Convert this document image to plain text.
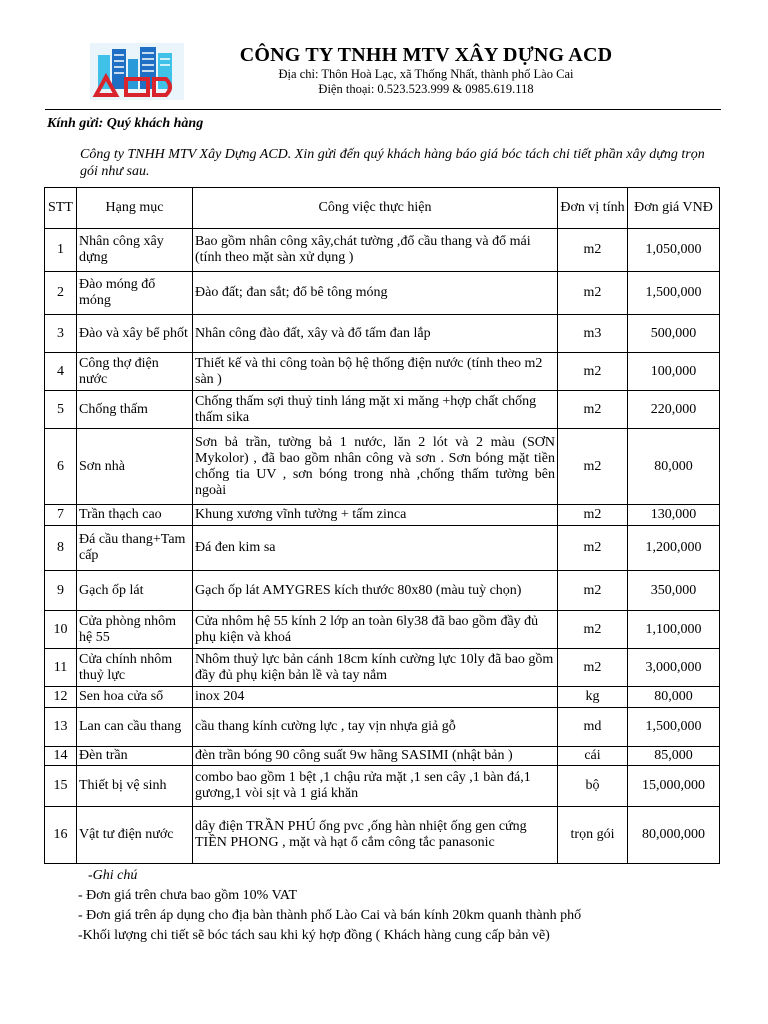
CÔNG TY TNHH MTV XÂY DỰNG ACD
Địa chỉ: Thôn Hoà Lạc, xã Thống Nhất, thành phố Lào Cai
Điện thoại: 0.523.523.999 & 0985.619.118
Kính gửi: Quý khách hàng
Công ty TNHH MTV Xây Dựng ACD. Xin gửi đến quý khách hàng báo giá bóc tách chi tiết phần xây dựng trọn gói như sau.
STT	Hạng mục	Công việc thực hiện	Đơn vị tính	Đơn giá VNĐ
1	Nhân công xây dựng	Bao gồm nhân công xây,chát tường ,đổ cầu thang và đổ mái (tính theo mặt sàn xử dụng )	m2	1,050,000
2	Đào móng đổ móng	Đào đất; đan sắt; đổ bê tông móng	m2	1,500,000
3	Đào và xây bể phốt	Nhân công đào đất, xây và đổ tấm đan lắp	m3	500,000
4	Công thợ điện nước	Thiết kế và thi công toàn bộ hệ thống điện nước (tính theo m2 sàn )	m2	100,000
5	Chống thấm	Chống thấm sợi thuỷ tinh láng mặt xi măng +hợp chất chống thấm sika	m2	220,000
6	Sơn nhà	Sơn bả trần, tường bả 1 nước, lăn 2 lót và 2 màu (SƠN Mykolor) , đã bao gồm nhân công và sơn . Sơn bóng mặt tiền chống tia UV , sơn bóng trong nhà ,chống thấm tường bên ngoài	m2	80,000
7	Trần thạch cao	Khung xương vĩnh tường + tấm zinca	m2	130,000
8	Đá cầu thang+Tam cấp	Đá đen kim sa	m2	1,200,000
9	Gạch ốp lát	Gạch ốp lát AMYGRES kích thước 80x80 (màu tuỳ chọn)	m2	350,000
10	Cửa phòng nhôm hệ 55	Cửa nhôm hệ 55 kính 2 lớp an toàn 6ly38 đã bao gồm đầy đủ phụ kiện và khoá	m2	1,100,000
11	Cửa chính nhôm thuỷ lực	Nhôm thuỷ lực bản cánh 18cm kính cường lực 10ly đã bao gồm đầy đủ phụ kiện bản lề và tay nắm	m2	3,000,000
12	Sen hoa cửa sổ	inox 204	kg	80,000
13	Lan can cầu thang	cầu thang kính cường lực , tay vịn nhựa giả gỗ	md	1,500,000
14	Đèn trần	đèn trần bóng 90 công suất 9w hãng SASIMI (nhật bản )	cái	85,000
15	Thiết bị vệ sinh	combo bao gồm 1 bệt ,1 chậu rửa mặt ,1 sen cây ,1 bàn đá,1 gương,1 vòi sịt và 1 giá khăn	bộ	15,000,000
16	Vật tư điện nước	dây điện TRẦN PHÚ ống pvc ,ống hàn nhiệt ống gen cứng TIỀN PHONG , mặt và hạt ổ cắm công tắc panasonic	trọn gói	80,000,000
-Ghi chú
- Đơn giá trên chưa bao gồm 10% VAT
- Đơn giá trên áp dụng cho địa bàn thành phố Lào Cai và bán kính 20km quanh thành phố
-Khối lượng chi tiết sẽ bóc tách sau khi ký hợp đồng ( Khách hàng cung cấp bản vẽ)
